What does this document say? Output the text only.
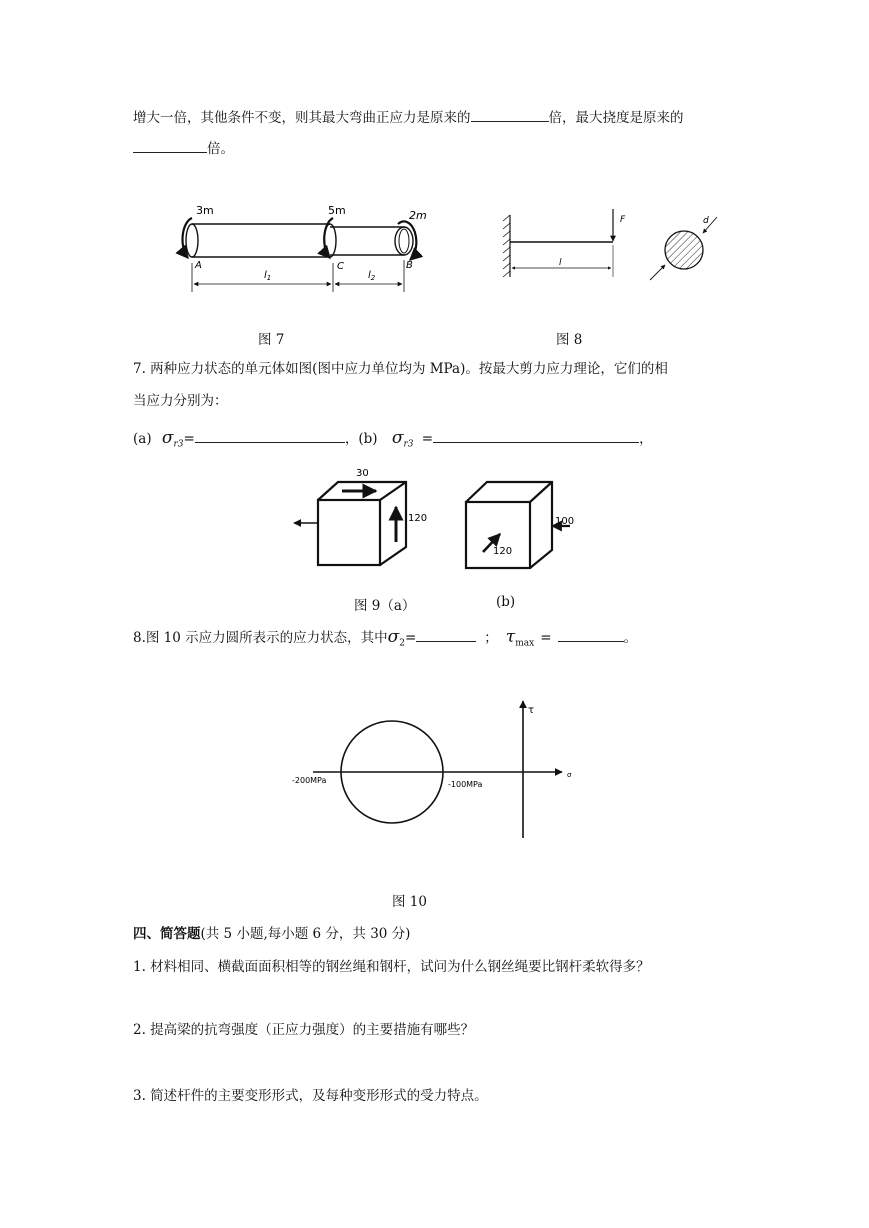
增大一倍，其他条件不变，则其最大弯曲正应力是原来的	倍，最大挠度是原来的
倍。
3m	5m	2m
A	C	B
$l_1$	$l_2$
F
l
d
图 7	图 8
7. 两种应力状态的单元体如图(图中应力单位均为 MPa)。按最大剪力应力理论，它们的相
当应力分别为：
(a) $\sigma_{r3}=$	，(b) $\sigma_{r3}$ =	，
30
120	100
120
图 9（a）	(b)
8.图 10 示应力圆所表示的应力状态，其中$\sigma_2=$	； $\tau_{max}$ =	。
τ
σ
-200MPa	-100MPa
图 10
四、简答题(共 5 小题,每小题 6 分，共 30 分)
1. 材料相同、横截面面积相等的钢丝绳和钢杆，试问为什么钢丝绳要比钢杆柔软得多？
2. 提高梁的抗弯强度（正应力强度）的主要措施有哪些？
3. 简述杆件的主要变形形式，及每种变形形式的受力特点。
